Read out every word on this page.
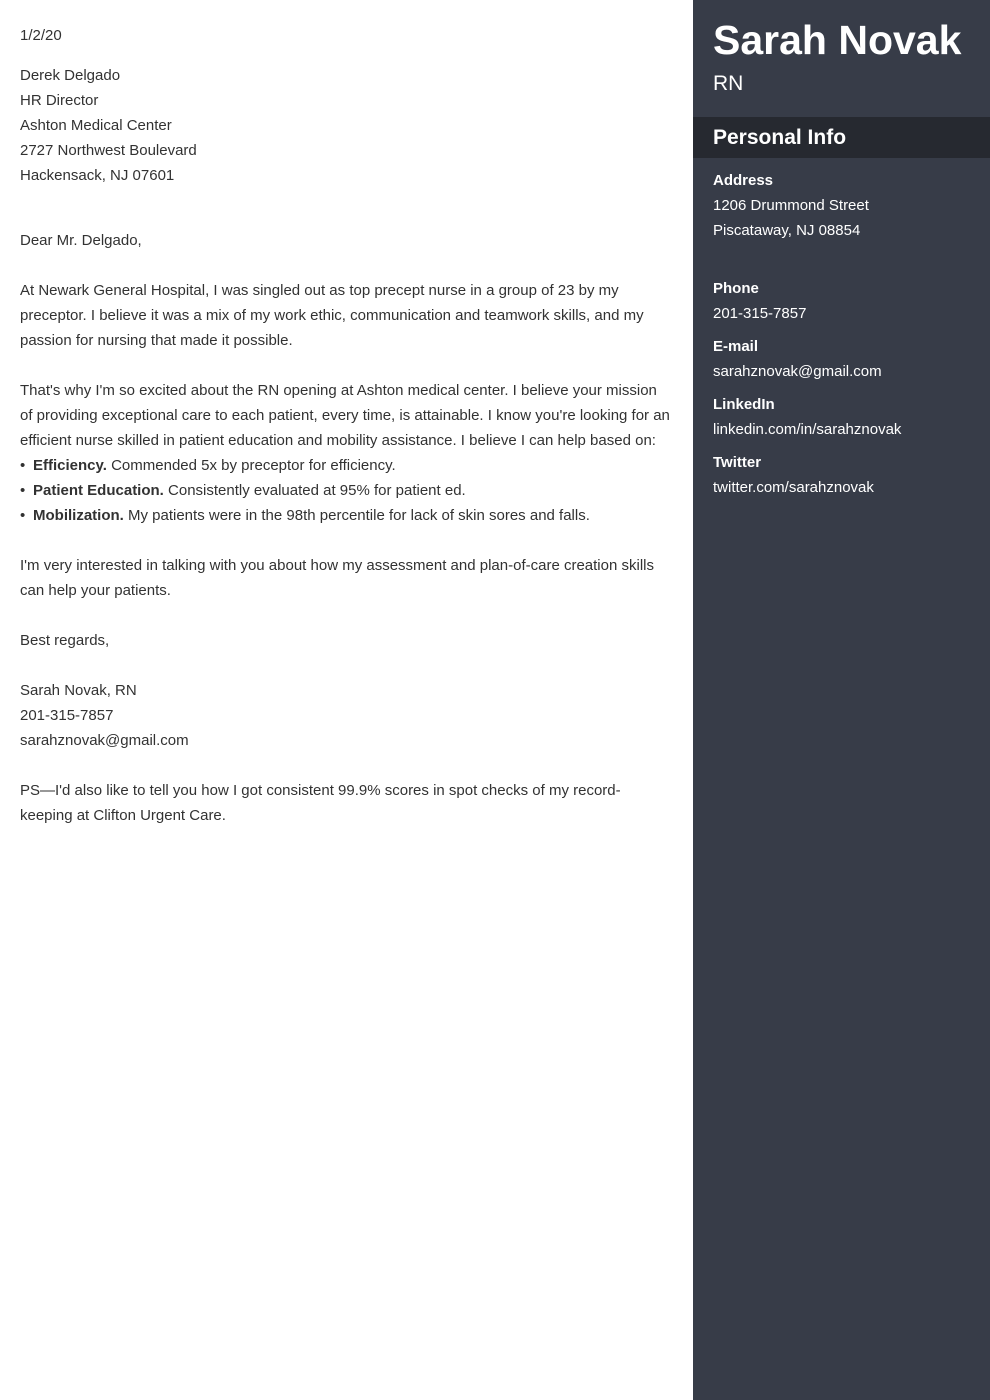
1/2/20

Derek Delgado

HR Director

Ashton Medical Center

2727 Northwest Boulevard

Hackensack, NJ 07601

Dear Mr. Delgado,

At Newark General Hospital, I was singled out as top precept nurse in a group of 23 by my preceptor. I believe it was a mix of my work ethic, communication and teamwork skills, and my passion for nursing that made it possible.

That's why I'm so excited about the RN opening at Ashton medical center. I believe your mission of providing exceptional care to each patient, every time, is attainable. I know you're looking for an efficient nurse skilled in patient education and mobility assistance. I believe I can help based on:

• Efficiency. Commended 5x by preceptor for efficiency.
• Patient Education. Consistently evaluated at 95% for patient ed.
• Mobilization. My patients were in the 98th percentile for lack of skin sores and falls.

I'm very interested in talking with you about how my assessment and plan-of-care creation skills can help your patients.

Best regards,

Sarah Novak, RN

201-315-7857

sarahznovak@gmail.com

PS—I'd also like to tell you how I got consistent 99.9% scores in spot checks of my record-keeping at Clifton Urgent Care.

Sarah Novak
RN
Personal Info
Address
1206 Drummond Street
Piscataway, NJ 08854
Phone
201-315-7857
E-mail
sarahznovak@gmail.com
LinkedIn
linkedin.com/in/sarahznovak
Twitter
twitter.com/sarahznovak
